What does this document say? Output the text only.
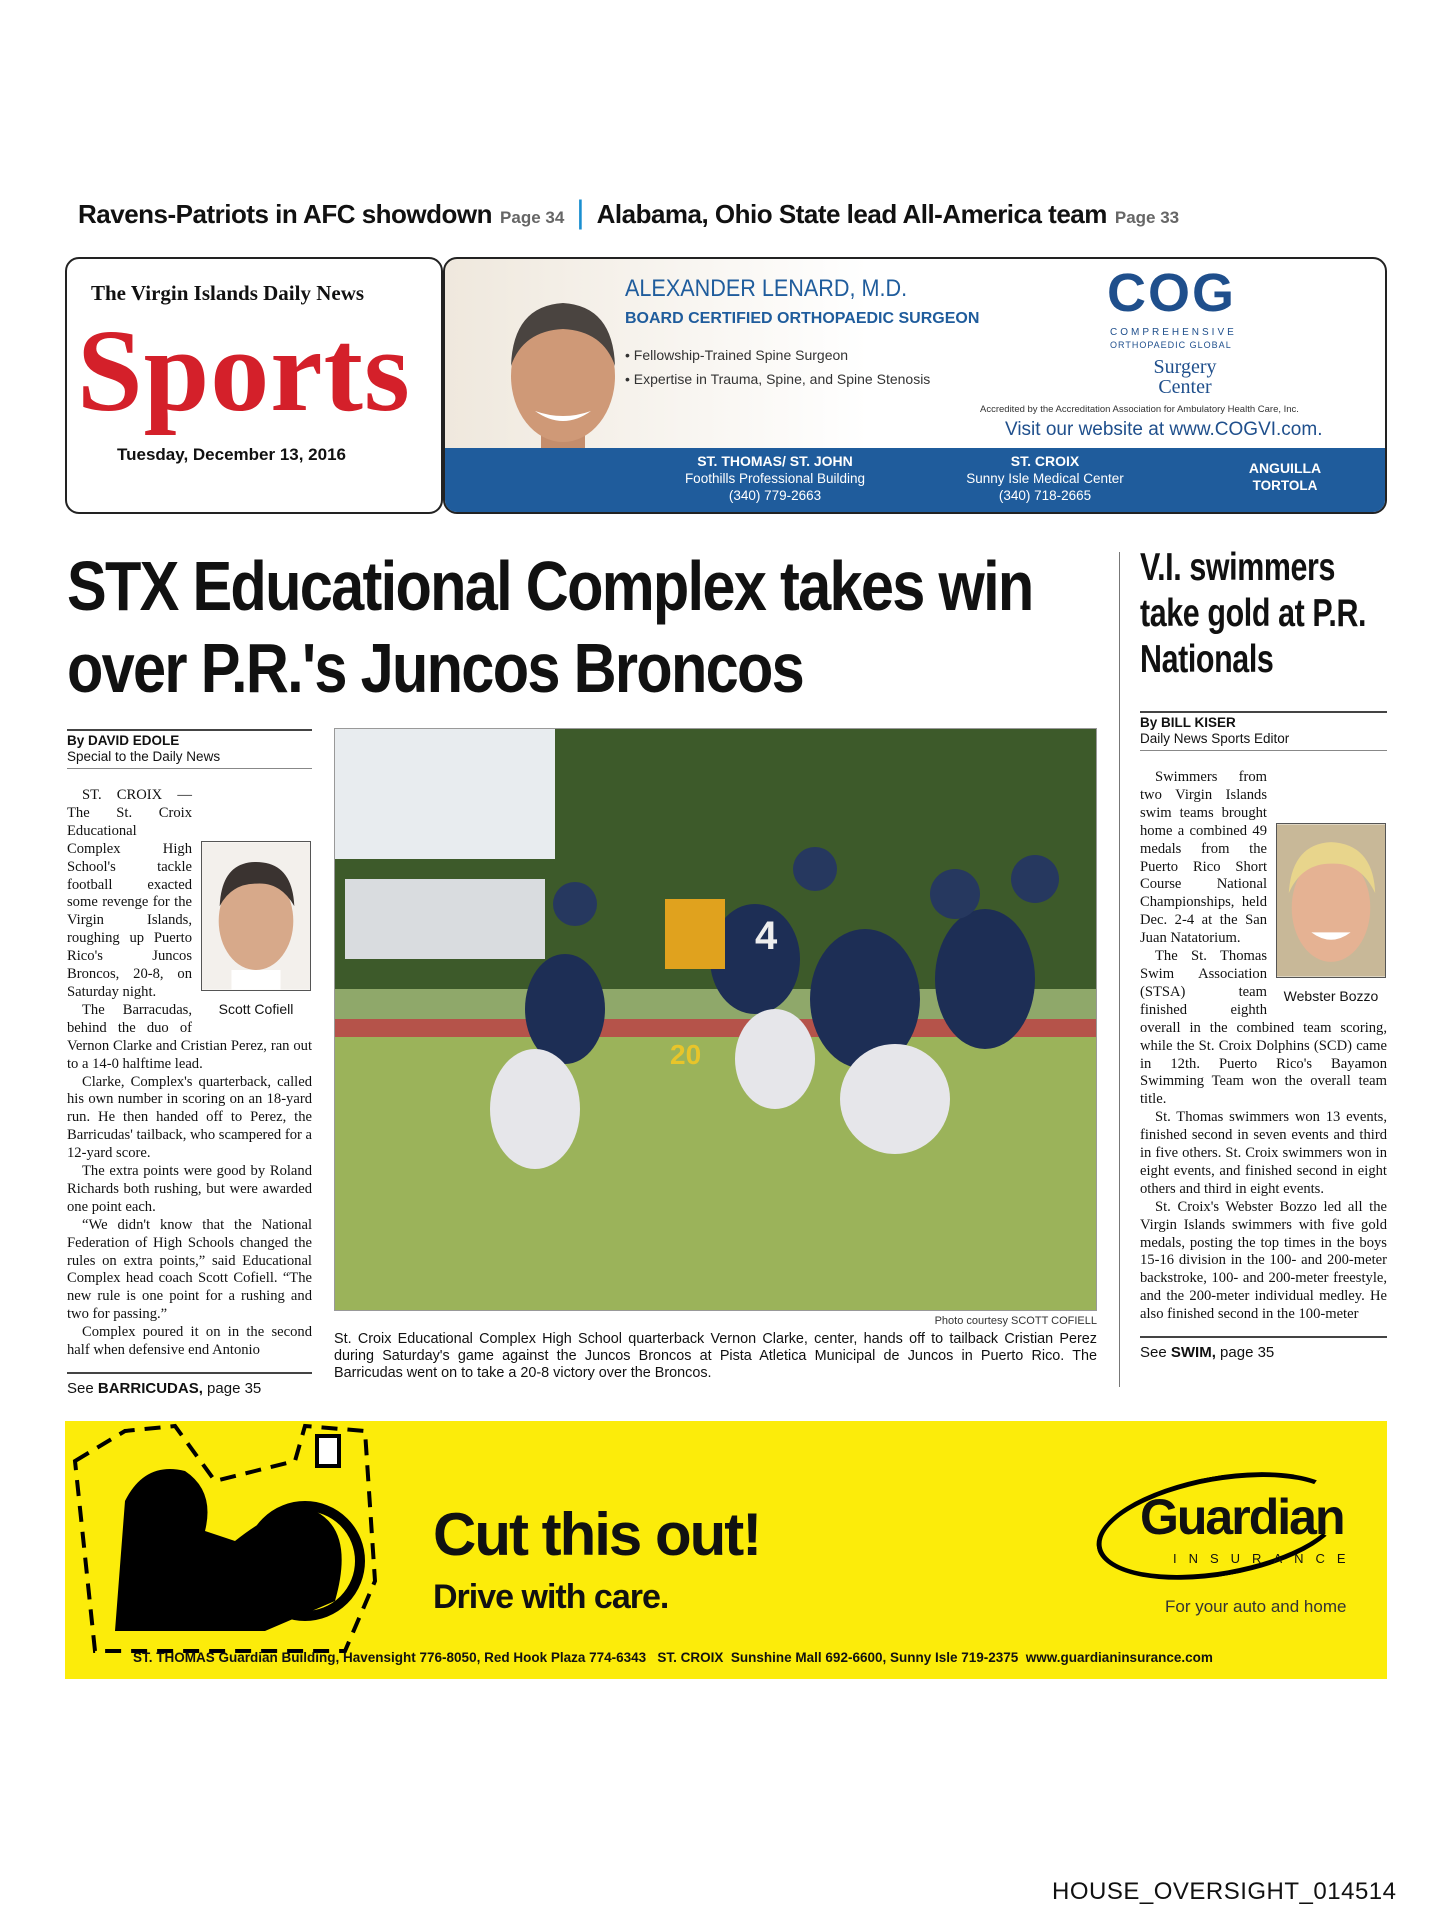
Ravens-Patriots in AFC showdown Page 34 | Alabama, Ohio State lead All-America team Page 33
The Virgin Islands Daily News
Sports
Tuesday, December 13, 2016
ALEXANDER LENARD, M.D.
BOARD CERTIFIED ORTHOPAEDIC SURGEON
• Fellowship-Trained Spine Surgeon
• Expertise in Trauma, Spine, and Spine Stenosis
COG
COMPREHENSIVE
ORTHOPAEDIC GLOBAL
Surgery Center
Accredited by the Accreditation Association for Ambulatory Health Care, Inc.
Visit our website at www.COGVI.com.
ST. THOMAS/ ST. JOHN
Foothills Professional Building
(340) 779-2663
ST. CROIX
Sunny Isle Medical Center
(340) 718-2665
ANGUILLA
TORTOLA
STX Educational Complex takes win over P.R.'s Juncos Broncos
V.I. swimmers take gold at P.R. Nationals
By DAVID EDOLE
Special to the Daily News

Scott Cofiell
ST. CROIX — The St. Croix Educational Complex High School's tackle football exacted some revenge for the Virgin Islands, roughing up Puerto Rico's Juncos Broncos, 20-8, on Saturday night.

The Barracudas, behind the duo of Vernon Clarke and Cristian Perez, ran out to a 14-0 halftime lead.

Clarke, Complex's quarterback, called his own number in scoring on an 18-yard run. He then handed off to Perez, the Barricudas' tailback, who scampered for a 12-yard score.

The extra points were good by Roland Richards both rushing, but were awarded one point each.

“We didn't know that the National Federation of High Schools changed the rules on extra points,” said Educational Complex head coach Scott Cofiell. “The new rule is one point for a rushing and two for passing.”

Complex poured it on in the second half when defensive end Antonio

See BARRICUDAS, page 35
4
20
Photo courtesy SCOTT COFIELL
St. Croix Educational Complex High School quarterback Vernon Clarke, center, hands off to tailback Cristian Perez during Saturday's game against the Juncos Broncos at Pista Atletica Municipal de Juncos in Puerto Rico. The Barricudas went on to take a 20-8 victory over the Broncos.
By BILL KISER
Daily News Sports Editor

Webster Bozzo
Swimmers from two Virgin Islands swim teams brought home a combined 49 medals from the Puerto Rico Short Course National Championships, held Dec. 2-4 at the San Juan Natatorium.

The St. Thomas Swim Association (STSA) team finished eighth overall in the combined team scoring, while the St. Croix Dolphins (SCD) came in 12th. Puerto Rico's Bayamon Swimming Team won the overall team title.

St. Thomas swimmers won 13 events, finished second in seven events and third in five others. St. Croix swimmers won in eight events, and finished second in eight others and third in eight events.

St. Croix's Webster Bozzo led all the Virgin Islands swimmers with five gold medals, posting the top times in the boys 15-16 division in the 100- and 200-meter backstroke, 100- and 200-meter freestyle, and the 200-meter individual medley. He also finished second in the 100-meter

See SWIM, page 35
Cut this out!
Drive with care.
Guardian
INSURANCE
For your auto and home
ST. THOMAS Guardian Building, Havensight 776-8050, Red Hook Plaza 774-6343   ST. CROIX  Sunshine Mall 692-6600, Sunny Isle 719-2375  www.guardianinsurance.com
HOUSE_OVERSIGHT_014514
